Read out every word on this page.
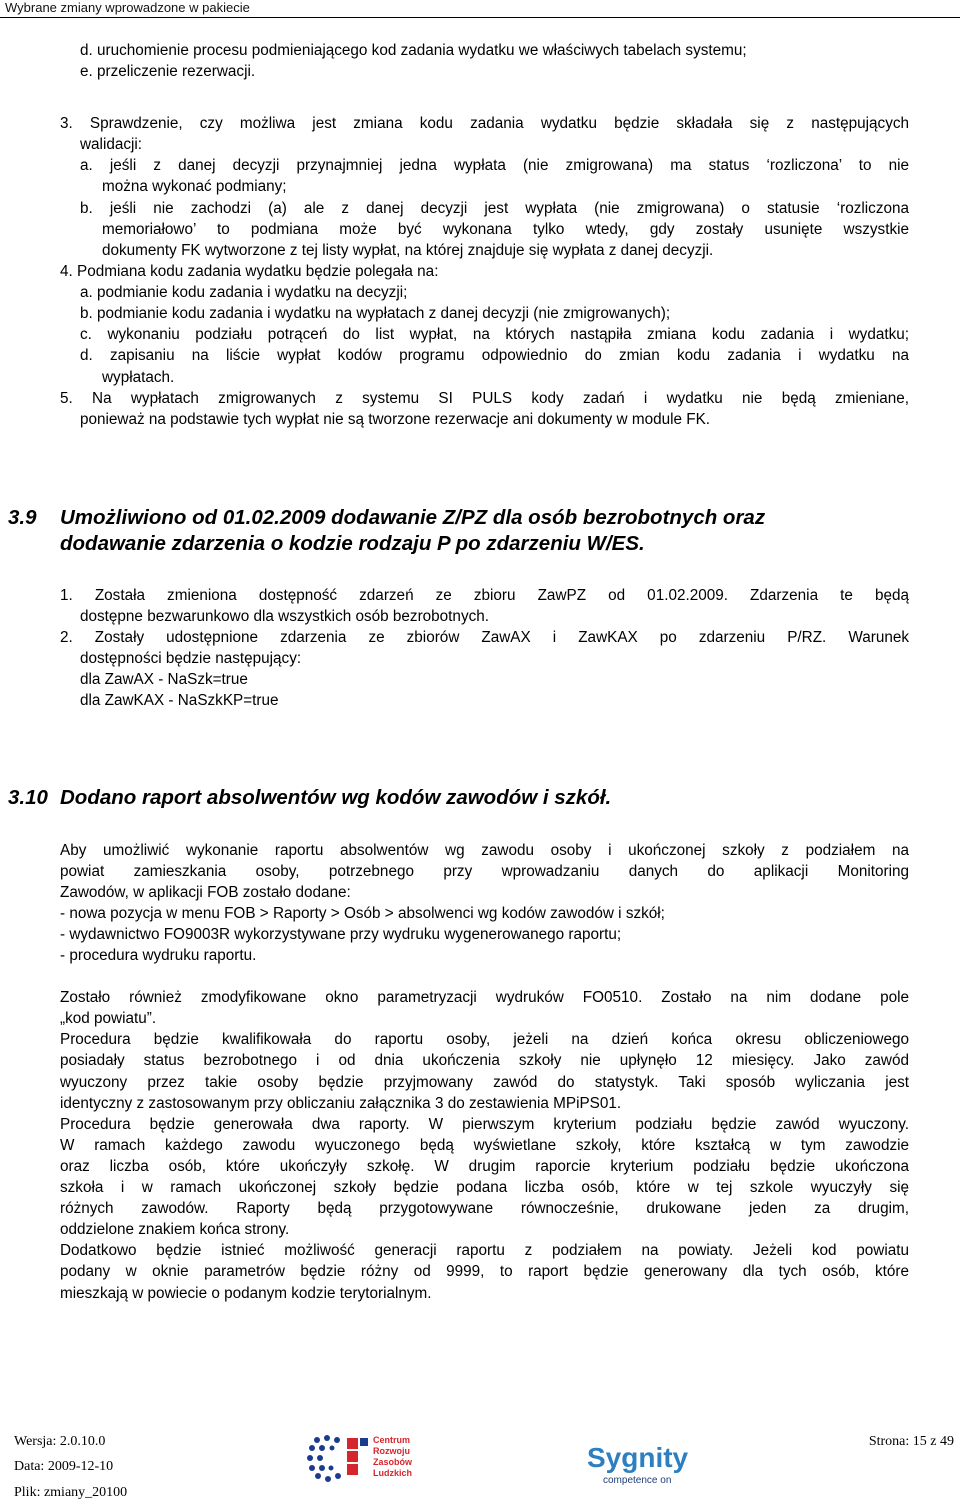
Wybrane zmiany wprowadzone w pakiecie
d. uruchomienie procesu podmieniającego kod zadania wydatku we właściwych tabelach systemu;
e. przeliczenie rezerwacji.
3. Sprawdzenie, czy możliwa jest zmiana kodu zadania wydatku będzie składała się z następujących
walidacji:
a. jeśli z danej decyzji przynajmniej jedna wypłata (nie zmigrowana) ma status ‘rozliczona’ to nie
można wykonać podmiany;
b. jeśli nie zachodzi (a) ale z danej decyzji jest wypłata (nie zmigrowana) o statusie ‘rozliczona
memoriałowo’ to podmiana może być wykonana tylko wtedy, gdy zostały usunięte wszystkie
dokumenty FK wytworzone z tej listy wypłat, na której znajduje się wypłata z danej decyzji.
4. Podmiana kodu zadania wydatku będzie polegała na:
a. podmianie kodu zadania i wydatku na decyzji;
b. podmianie kodu zadania i wydatku na wypłatach z danej decyzji (nie zmigrowanych);
c. wykonaniu podziału potrąceń do list wypłat, na których nastąpiła zmiana kodu zadania i wydatku;
d. zapisaniu na liście wypłat kodów programu odpowiednio do zmian kodu zadania i wydatku na
wypłatach.
5. Na wypłatach zmigrowanych z systemu SI PULS kody zadań i wydatku nie będą zmieniane,
ponieważ na podstawie tych wypłat nie są tworzone rezerwacje ani dokumenty w module FK.
3.9 Umożliwiono od 01.02.2009 dodawanie Z/PZ dla osób bezrobotnych oraz
dodawanie zdarzenia o kodzie rodzaju P po zdarzeniu W/ES.
1. Została zmieniona dostępność zdarzeń ze zbioru ZawPZ od 01.02.2009. Zdarzenia te będą
dostępne bezwarunkowo dla wszystkich osób bezrobotnych.
2. Zostały udostępnione zdarzenia ze zbiorów ZawAX i ZawKAX po zdarzeniu P/RZ. Warunek
dostępności będzie następujący:
dla ZawAX - NaSzk=true
dla ZawKAX - NaSzkKP=true
3.10 Dodano raport absolwentów wg kodów zawodów i szkół.
Aby umożliwić wykonanie raportu absolwentów wg zawodu osoby i ukończonej szkoły z podziałem na
powiat zamieszkania osoby, potrzebnego przy wprowadzaniu danych do aplikacji Monitoring
Zawodów, w aplikacji FOB zostało dodane:
- nowa pozycja w menu FOB > Raporty > Osób > absolwenci wg kodów zawodów i szkół;
- wydawnictwo FO9003R wykorzystywane przy wydruku wygenerowanego raportu;
- procedura wydruku raportu.
Zostało również zmodyfikowane okno parametryzacji wydruków FO0510. Zostało na nim dodane pole
„kod powiatu”.
Procedura będzie kwalifikowała do raportu osoby, jeżeli na dzień końca okresu obliczeniowego
posiadały status bezrobotnego i od dnia ukończenia szkoły nie upłynęło 12 miesięcy. Jako zawód
wyuczony przez takie osoby będzie przyjmowany zawód do statystyk. Taki sposób wyliczania jest
identyczny z zastosowanym przy obliczaniu załącznika 3 do zestawienia MPiPS01.
Procedura będzie generowała dwa raporty. W pierwszym kryterium podziału będzie zawód wyuczony.
W ramach każdego zawodu wyuczonego będą wyświetlane szkoły, które kształcą w tym zawodzie
oraz liczba osób, które ukończyły szkołę. W drugim raporcie kryterium podziału będzie ukończona
szkoła i w ramach ukończonej szkoły będzie podana liczba osób, które w tej szkole wyuczyły się
różnych zawodów. Raporty będą przygotowywane równocześnie, drukowane jeden za drugim,
oddzielone znakiem końca strony.
Dodatkowo będzie istnieć możliwość generacji raportu z podziałem na powiaty. Jeżeli kod powiatu
podany w oknie parametrów będzie różny od 9999, to raport będzie generowany dla tych osób, które
mieszkają w powiecie o podanym kodzie terytorialnym.
Wersja: 2.0.10.0
Data: 2009-12-10
Plik: zmiany_20100
Strona: 15 z 49
Centrum
Rozwoju
Zasobów
Ludzkich	Sygnity
competence on
